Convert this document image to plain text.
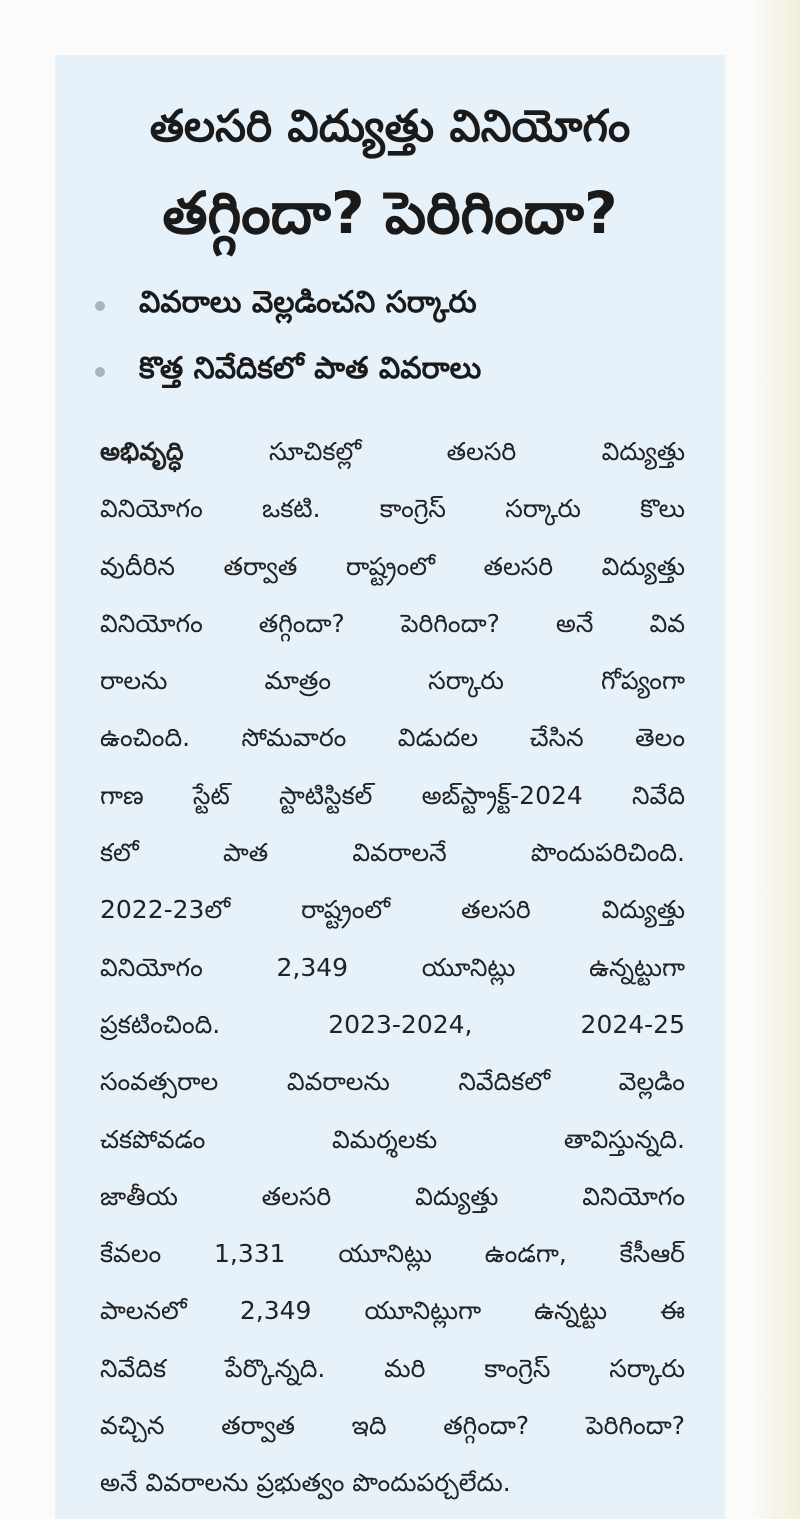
తలసరి విద్యుత్తు వినియోగం
తగ్గిందా? పెరిగిందా?
వివరాలు వెల్లడించని సర్కారు
కొత్త నివేదికలో పాత వివరాలు
అభివృద్ధి సూచికల్లో తలసరి విద్యుత్తు
వినియోగం ఒకటి. కాంగ్రెస్ సర్కారు కొలు
వుదీరిన తర్వాత రాష్ట్రంలో తలసరి విద్యుత్తు
వినియోగం తగ్గిందా? పెరిగిందా? అనే వివ
రాలను మాత్రం సర్కారు గోప్యంగా
ఉంచింది. సోమవారం విడుదల చేసిన తెలం
గాణ స్టేట్ స్టాటిస్టికల్ అబ్‌స్ట్రాక్ట్-2024 నివేది
కలో పాత వివరాలనే పొందుపరిచింది.
2022-23లో రాష్ట్రంలో తలసరి విద్యుత్తు
వినియోగం 2,349 యూనిట్లు ఉన్నట్టుగా
ప్రకటించింది. 2023-2024, 2024-25
సంవత్సరాల వివరాలను నివేదికలో వెల్లడిం
చకపోవడం విమర్శలకు తావిస్తున్నది.
జాతీయ తలసరి విద్యుత్తు వినియోగం
కేవలం 1,331 యూనిట్లు ఉండగా, కేసీఆర్
పాలనలో 2,349 యూనిట్లుగా ఉన్నట్టు ఈ
నివేదిక పేర్కొన్నది. మరి కాంగ్రెస్ సర్కారు
వచ్చిన తర్వాత ఇది తగ్గిందా? పెరిగిందా?
అనే వివరాలను ప్రభుత్వం పొందుపర్చలేదు.
